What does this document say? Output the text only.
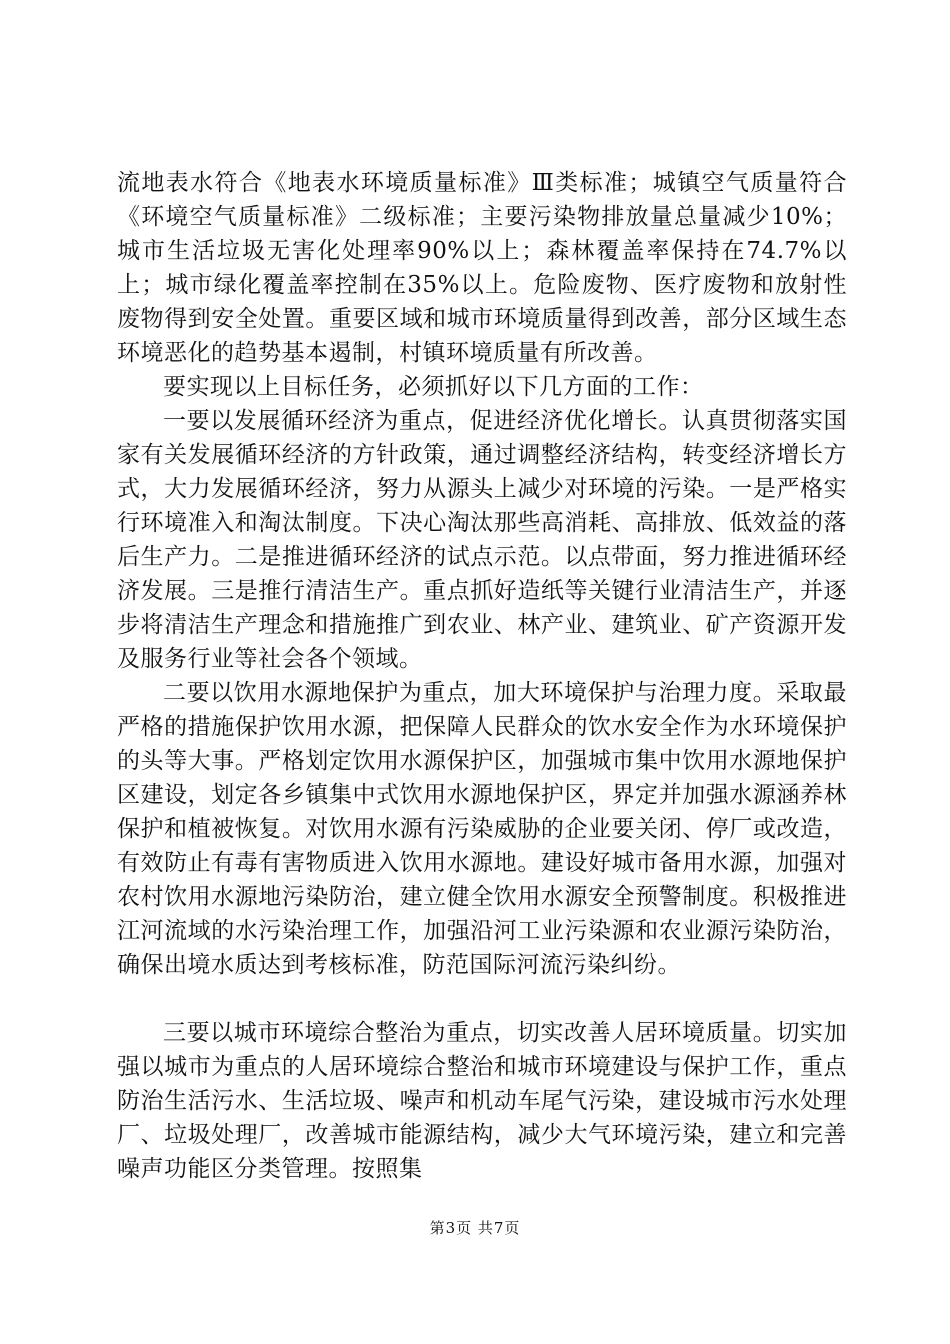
流地表水符合《地表水环境质量标准》Ⅲ类标准；城镇空气质量符合《环境空气质量标准》二级标准；主要污染物排放量总量减少10%；城市生活垃圾无害化处理率90%以上；森林覆盖率保持在74.7%以上；城市绿化覆盖率控制在35%以上。危险废物、医疗废物和放射性废物得到安全处置。重要区域和城市环境质量得到改善，部分区域生态环境恶化的趋势基本遏制，村镇环境质量有所改善。

要实现以上目标任务，必须抓好以下几方面的工作：

一要以发展循环经济为重点，促进经济优化增长。认真贯彻落实国家有关发展循环经济的方针政策，通过调整经济结构，转变经济增长方式，大力发展循环经济，努力从源头上减少对环境的污染。一是严格实行环境准入和淘汰制度。下决心淘汰那些高消耗、高排放、低效益的落后生产力。二是推进循环经济的试点示范。以点带面，努力推进循环经济发展。三是推行清洁生产。重点抓好造纸等关键行业清洁生产，并逐步将清洁生产理念和措施推广到农业、林产业、建筑业、矿产资源开发及服务行业等社会各个领域。

二要以饮用水源地保护为重点，加大环境保护与治理力度。采取最严格的措施保护饮用水源，把保障人民群众的饮水安全作为水环境保护的头等大事。严格划定饮用水源保护区，加强城市集中饮用水源地保护区建设，划定各乡镇集中式饮用水源地保护区，界定并加强水源涵养林保护和植被恢复。对饮用水源有污染威胁的企业要关闭、停厂或改造，有效防止有毒有害物质进入饮用水源地。建设好城市备用水源，加强对农村饮用水源地污染防治，建立健全饮用水源安全预警制度。积极推进江河流域的水污染治理工作，加强沿河工业污染源和农业源污染防治，确保出境水质达到考核标准，防范国际河流污染纠纷。

三要以城市环境综合整治为重点，切实改善人居环境质量。切实加强以城市为重点的人居环境综合整治和城市环境建设与保护工作，重点防治生活污水、生活垃圾、噪声和机动车尾气污染，建设城市污水处理厂、垃圾处理厂，改善城市能源结构，减少大气环境污染，建立和完善噪声功能区分类管理。按照集

第3页 共7页
